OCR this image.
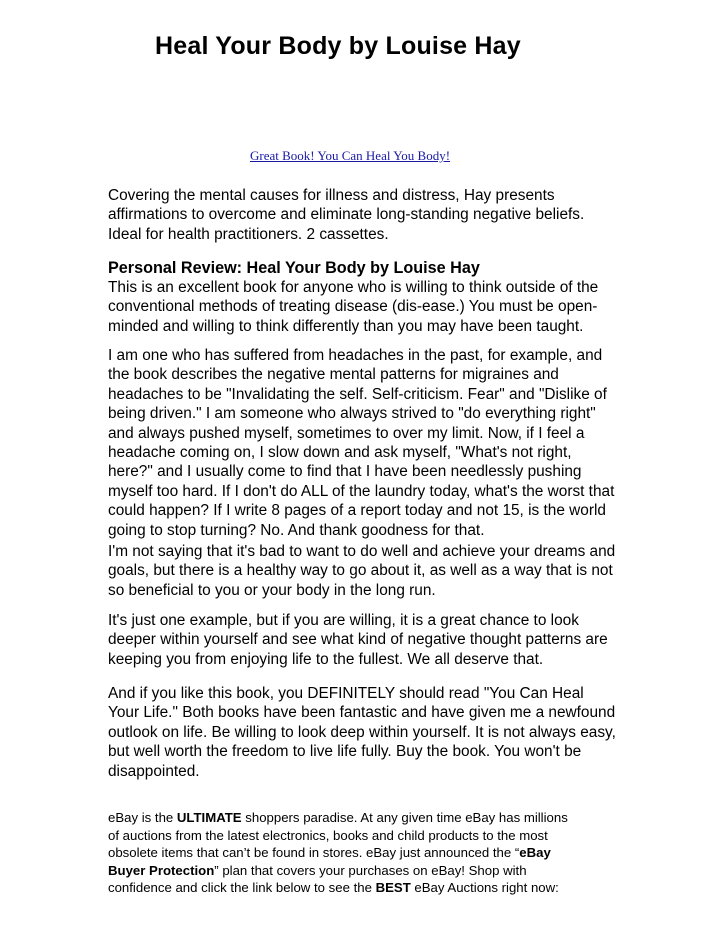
Heal Your Body by Louise Hay
Great Book! You Can Heal You Body!
Covering the mental causes for illness and distress, Hay presents
affirmations to overcome and eliminate long-standing negative beliefs.
Ideal for health practitioners. 2 cassettes.
Personal Review: Heal Your Body by Louise Hay
This is an excellent book for anyone who is willing to think outside of the
conventional methods of treating disease (dis-ease.) You must be open-
minded and willing to think differently than you may have been taught.
I am one who has suffered from headaches in the past, for example, and
the book describes the negative mental patterns for migraines and
headaches to be "Invalidating the self. Self-criticism. Fear" and "Dislike of
being driven." I am someone who always strived to "do everything right"
and always pushed myself, sometimes to over my limit. Now, if I feel a
headache coming on, I slow down and ask myself, "What's not right,
here?" and I usually come to find that I have been needlessly pushing
myself too hard. If I don't do ALL of the laundry today, what's the worst that
could happen? If I write 8 pages of a report today and not 15, is the world
going to stop turning? No. And thank goodness for that.
I'm not saying that it's bad to want to do well and achieve your dreams and
goals, but there is a healthy way to go about it, as well as a way that is not
so beneficial to you or your body in the long run.
It's just one example, but if you are willing, it is a great chance to look
deeper within yourself and see what kind of negative thought patterns are
keeping you from enjoying life to the fullest. We all deserve that.
And if you like this book, you DEFINITELY should read "You Can Heal
Your Life." Both books have been fantastic and have given me a newfound
outlook on life. Be willing to look deep within yourself. It is not always easy,
but well worth the freedom to live life fully. Buy the book. You won't be
disappointed.
eBay is the ULTIMATE shoppers paradise. At any given time eBay has millions
of auctions from the latest electronics, books and child products to the most
obsolete items that can’t be found in stores. eBay just announced the “eBay
Buyer Protection” plan that covers your purchases on eBay! Shop with
confidence and click the link below to see the BEST eBay Auctions right now:
